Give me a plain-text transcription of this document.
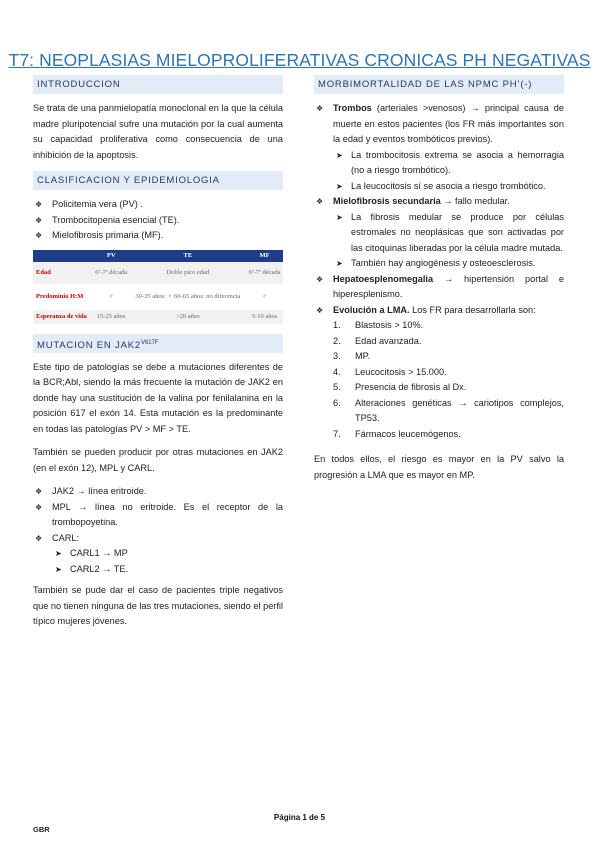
T7: NEOPLASIAS MIELOPROLIFERATIVAS CRONICAS PH NEGATIVAS
INTRODUCCION

Se trata de una panmielopatía monoclonal en la que la célula madre pluripotencial sufre una mutación por la cual aumenta su capacidad proliferativa como consecuencia de una inhibición de la apoptosis.

CLASIFICACION Y EPIDEMIOLOGIA
❖ Policitemia vera (PV) .
❖ Trombocitopenia esencial (TE).
❖ Mielofibrosis primaria (MF).
	PV	TE	MF
Edad	6ª-7ª década	Doble pico edad	6ª-7ª década
Predominio H:M	♂	30-35 años: ♀ 60-65 años: no diferencia	♂
Esperanza de vida	15-25 años	>20 años	5-10 años
MUTACION EN $JAK2^{V617F}$

Este tipo de patologías se debe a mutaciones diferentes de la BCR;Abl, siendo la más frecuente la mutación de JAK2 en donde hay una sustitución de la valina por fenilalanina en la posición 617 el exón 14. Esta mutación es la predominante en todas las patologías PV > MF > TE.

También se pueden producir por otras mutaciones en JAK2 (en el exón 12), MPL y CARL.

❖ JAK2 → línea eritroide.
❖ MPL → línea no eritroide. Es el receptor de la trombopoyetina.
❖ CARL:
➤ CARL1 → MP
➤ CARL2 → TE.

También se pude dar el caso de pacientes triple negativos que no tienen ninguna de las tres mutaciones, siendo el perfil típico mujeres jóvenes.

MORBIMORTALIDAD DE LAS NPMC PH’(-)
❖ Trombos (arteriales >venosos) → principal causa de muerte en estos pacientes (los FR más importantes son la edad y eventos trombóticos previos).
➤ La trombocitosis extrema se asocia a hemorragia (no a riesgo trombótico).
➤ La leucocitosis sí se asocia a riesgo trombótico.
❖ Mielofibrosis secundaria → fallo medular.
➤ La fibrosis medular se produce por células estromales no neoplásicas que son activadas por las citoquinas liberadas por la célula madre mutada.
➤ También hay angiogénesis y osteoesclerosis.
❖ Hepatoesplenomegalia → hipertensión portal e hiperesplenismo.
❖ Evolución a LMA. Los FR para desarrollarla son:
1. Blastosis > 10%.
2. Edad avanzada.
3. MP.
4. Leucocitosis > 15.000.
5. Presencia de fibrosis al Dx.
6. Alteraciones genéticas → cariotipos complejos, TP53.
7. Fármacos leucemógenos.

En todos ellos, el riesgo es mayor en la PV salvo la progresión a LMA que es mayor en MP.

Página 1 de 5
GBR
